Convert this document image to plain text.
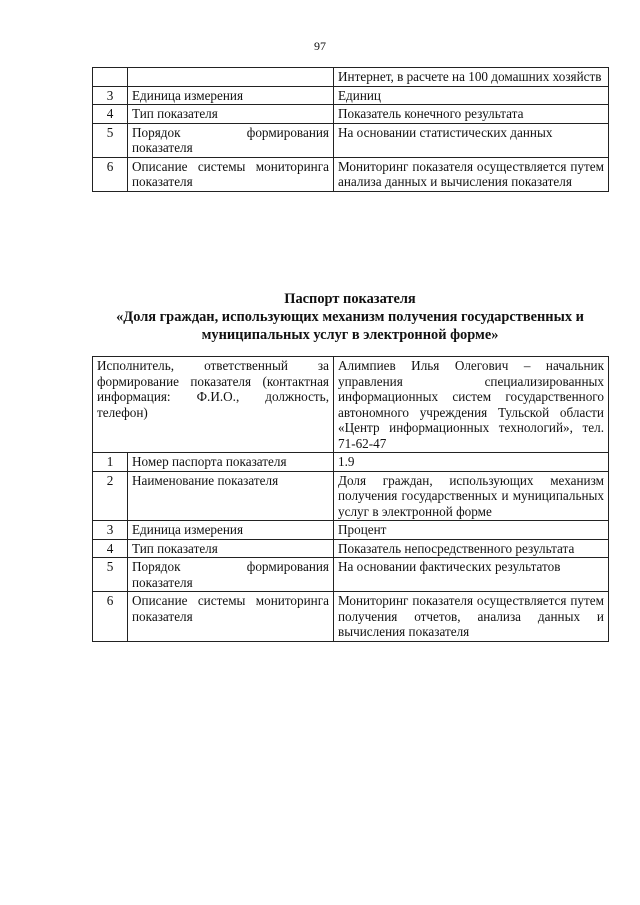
97
		Интернет, в расчете на 100 домашних хозяйств
3	Единица измерения	Единиц
4	Тип показателя	Показатель конечного результата
5	Порядок формирования показателя	На основании статистических данных
6	Описание системы мониторинга показателя	Мониторинг показателя осуществляется путем анализа данных и вычисления показателя
Паспорт показателя
«Доля граждан, использующих механизм получения государственных и муниципальных услуг в электронной форме»
Исполнитель, ответственный за формирование показателя (контактная информация: Ф.И.О., должность, телефон)		Алимпиев Илья Олегович – начальник управления специализированных информационных систем государственного автономного учреждения Тульской области «Центр информационных технологий», тел. 71-62-47
1	Номер паспорта показателя	1.9
2	Наименование показателя	Доля граждан, использующих механизм получения государственных и муниципальных услуг в электронной форме
3	Единица измерения	Процент
4	Тип показателя	Показатель непосредственного результата
5	Порядок формирования показателя	На основании фактических результатов
6	Описание системы мониторинга показателя	Мониторинг показателя осуществляется путем получения отчетов, анализа данных и вычисления показателя
